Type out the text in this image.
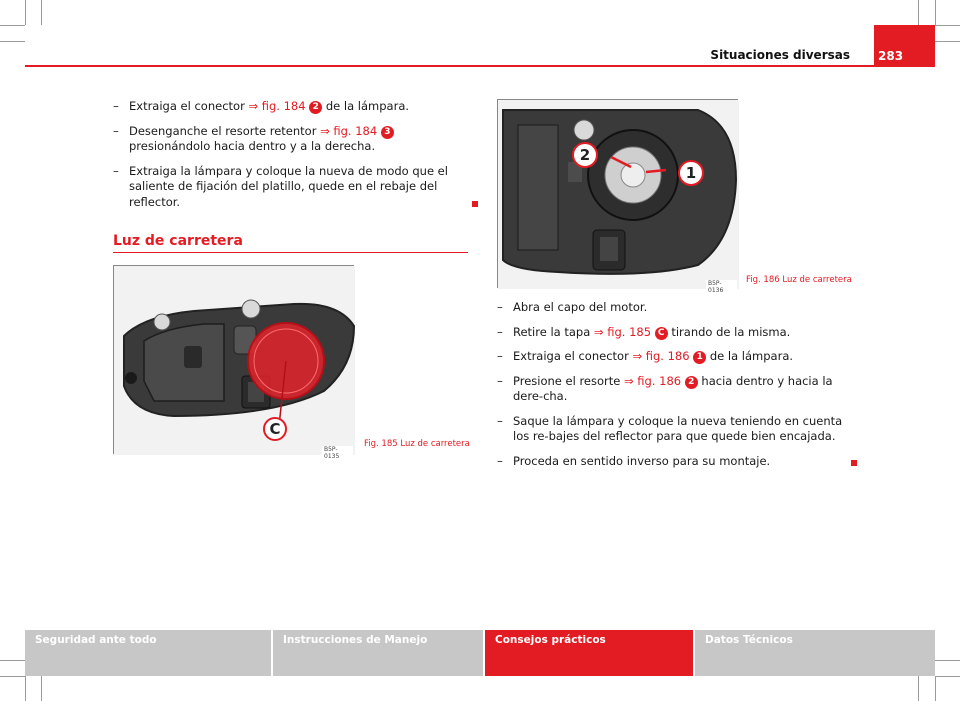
Situaciones diversas	283
– Extraiga el conector ⇒ fig. 184 2 de la lámpara.
– Desenganche el resorte retentor ⇒ fig. 184 3 presionándolo hacia dentro y a la derecha.
– Extraiga la lámpara y coloque la nueva de modo que el saliente de fijación del platillo, quede en el rebaje del reflector.
Luz de carretera
C
B5P-0135
Fig. 185 Luz de carretera
2
1
B5P-0136
Fig. 186 Luz de carretera
– Abra el capo del motor.
– Retire la tapa ⇒ fig. 185 C tirando de la misma.
– Extraiga el conector ⇒ fig. 186 1 de la lámpara.
– Presione el resorte ⇒ fig. 186 2 hacia dentro y hacia la dere-cha.
– Saque la lámpara y coloque la nueva teniendo en cuenta los re-bajes del reflector para que quede bien encajada.
– Proceda en sentido inverso para su montaje.
Seguridad ante todo	Instrucciones de Manejo	Consejos prácticos	Datos Técnicos
